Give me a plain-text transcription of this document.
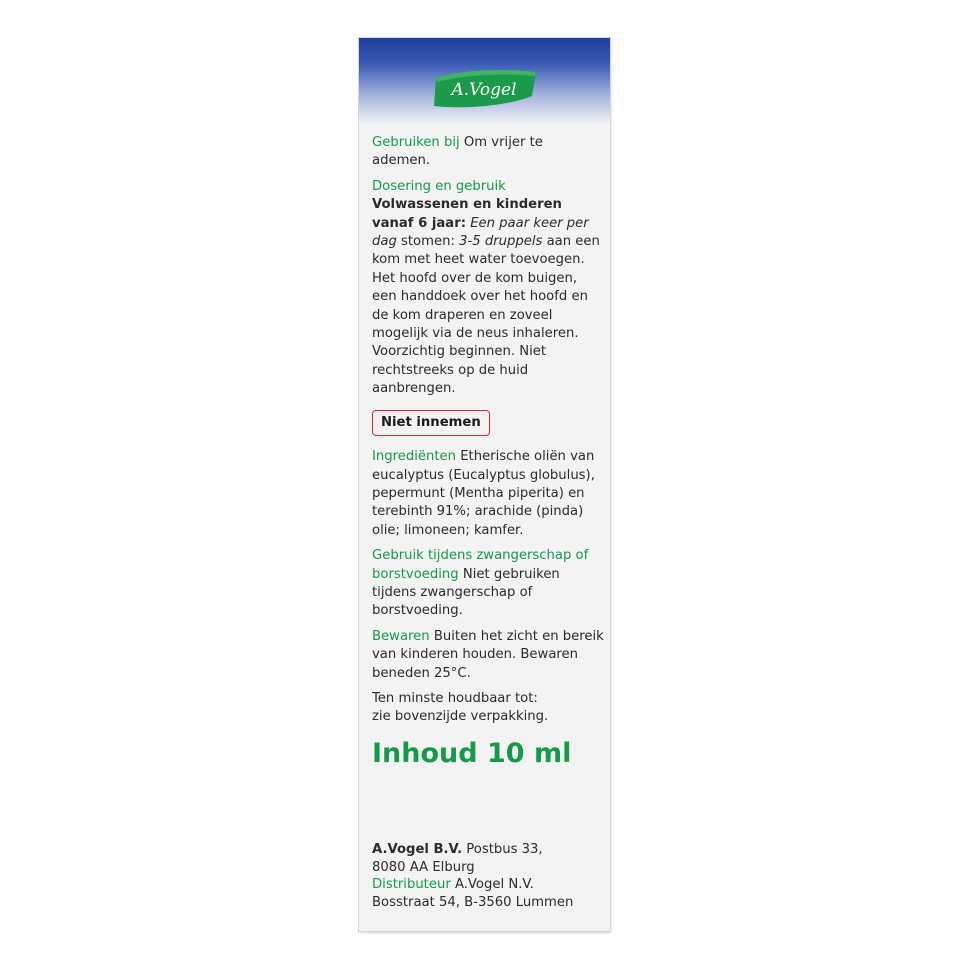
A.Vogel

Gebruiken bij Om vrijer te ademen.

Dosering en gebruik Volwassenen en kinderen vanaf 6 jaar: Een paar keer per dag stomen: 3-5 druppels aan een kom met heet water toevoegen. Het hoofd over de kom buigen, een handdoek over het hoofd en de kom draperen en zoveel mogelijk via de neus inhaleren. Voorzichtig beginnen. Niet rechtstreeks op de huid aanbrengen.

Niet innemen

Ingrediënten Etherische oliën van eucalyptus (Eucalyptus globulus), pepermunt (Mentha piperita) en terebinth 91%; arachide (pinda) olie; limoneen; kamfer.

Gebruik tijdens zwangerschap of borstvoeding Niet gebruiken tijdens zwangerschap of borstvoeding.

Bewaren Buiten het zicht en bereik van kinderen houden. Bewaren beneden 25°C.

Ten minste houdbaar tot:
zie bovenzijde verpakking.

Inhoud 10 ml
A.Vogel B.V. Postbus 33,
8080 AA Elburg
Distributeur A.Vogel N.V.
Bosstraat 54, B-3560 Lummen
